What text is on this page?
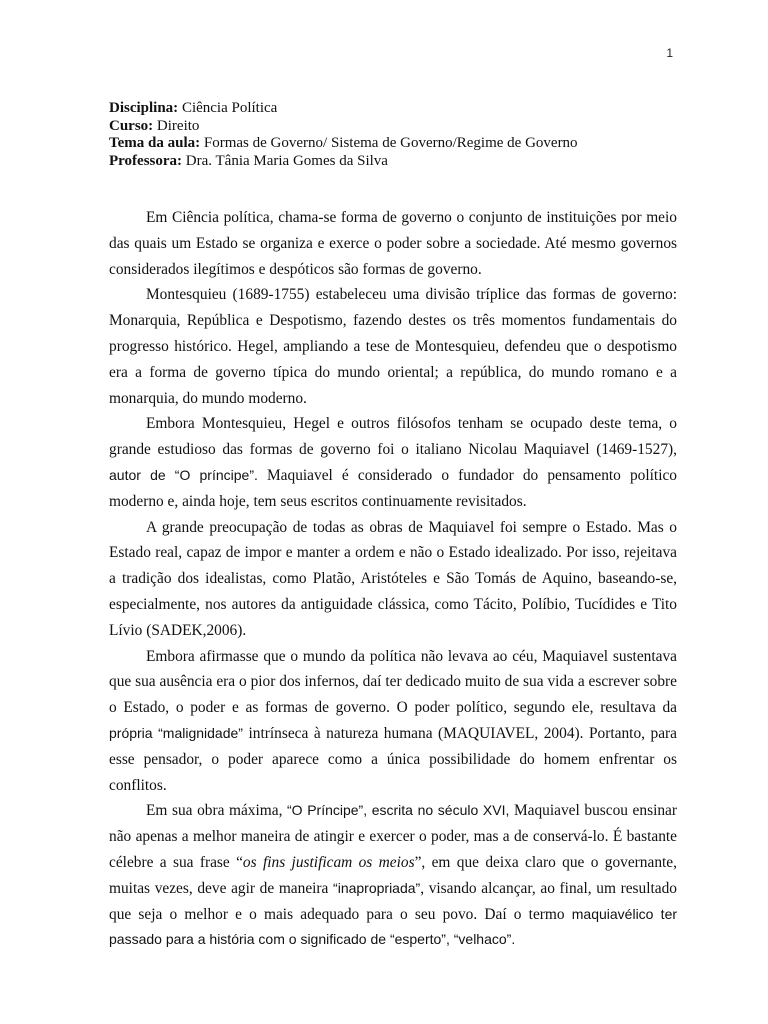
1
Disciplina: Ciência Política
Curso: Direito
Tema da aula: Formas de Governo/ Sistema de Governo/Regime de Governo
Professora: Dra. Tânia Maria Gomes da Silva

Em Ciência política, chama-se forma de governo o conjunto de instituições por meio das quais um Estado se organiza e exerce o poder sobre a sociedade. Até mesmo governos considerados ilegítimos e despóticos são formas de governo.

Montesquieu (1689-1755) estabeleceu uma divisão tríplice das formas de governo: Monarquia, República e Despotismo, fazendo destes os três momentos fundamentais do progresso histórico. Hegel, ampliando a tese de Montesquieu, defendeu que o despotismo era a forma de governo típica do mundo oriental; a república, do mundo romano e a monarquia, do mundo moderno.

Embora Montesquieu, Hegel e outros filósofos tenham se ocupado deste tema, o grande estudioso das formas de governo foi o italiano Nicolau Maquiavel (1469-1527), autor de “O príncipe”. Maquiavel é considerado o fundador do pensamento político moderno e, ainda hoje, tem seus escritos continuamente revisitados.

A grande preocupação de todas as obras de Maquiavel foi sempre o Estado. Mas o Estado real, capaz de impor e manter a ordem e não o Estado idealizado. Por isso, rejeitava a tradição dos idealistas, como Platão, Aristóteles e São Tomás de Aquino, baseando-se, especialmente, nos autores da antiguidade clássica, como Tácito, Políbio, Tucídides e Tito Lívio (SADEK,2006).

Embora afirmasse que o mundo da política não levava ao céu, Maquiavel sustentava que sua ausência era o pior dos infernos, daí ter dedicado muito de sua vida a escrever sobre o Estado, o poder e as formas de governo. O poder político, segundo ele, resultava da própria “malignidade” intrínseca à natureza humana (MAQUIAVEL, 2004). Portanto, para esse pensador, o poder aparece como a única possibilidade do homem enfrentar os conflitos.

Em sua obra máxima, “O Príncipe”, escrita no século XVI, Maquiavel buscou ensinar não apenas a melhor maneira de atingir e exercer o poder, mas a de conservá-lo. É bastante célebre a sua frase “os fins justificam os meios”, em que deixa claro que o governante, muitas vezes, deve agir de maneira “inapropriada”, visando alcançar, ao final, um resultado que seja o melhor e o mais adequado para o seu povo. Daí o termo maquiavélico ter passado para a história com o significado de “esperto”, “velhaco”.
